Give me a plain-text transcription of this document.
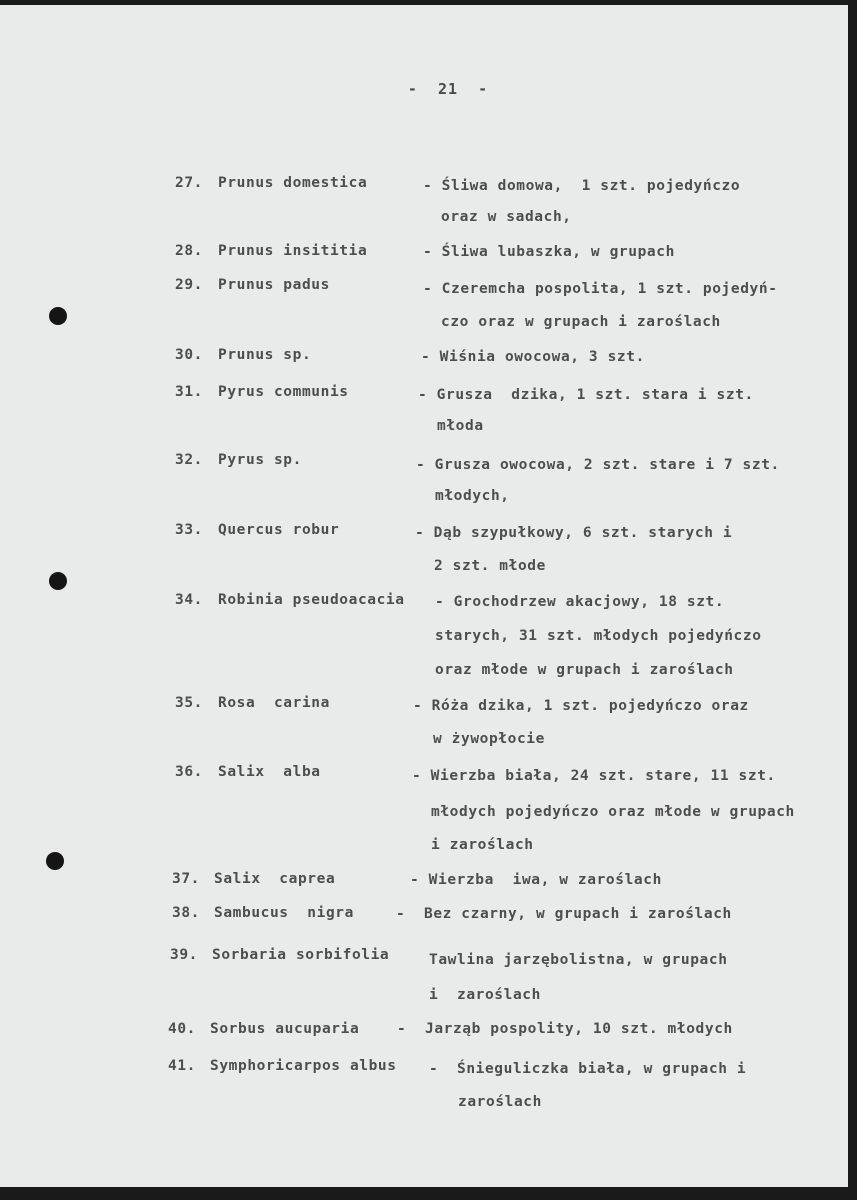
-  21  -
27. Prunus domestica	- Śliwa domowa,  1 szt. pojedyńczo
oraz w sadach,
28. Prunus insititia	- Śliwa lubaszka, w grupach
29. Prunus padus	- Czeremcha pospolita, 1 szt. pojedyń-
czo oraz w grupach i zaroślach
30. Prunus sp.	- Wiśnia owocowa, 3 szt.
31. Pyrus communis	- Grusza  dzika, 1 szt. stara i szt.
młoda
32. Pyrus sp.	- Grusza owocowa, 2 szt. stare i 7 szt.
młodych,
33. Quercus robur	- Dąb szypułkowy, 6 szt. starych i
2 szt. młode
34. Robinia pseudoacacia - Grochodrzew akacjowy, 18 szt.
starych, 31 szt. młodych pojedyńczo
oraz młode w grupach i zaroślach
35. Rosa  carina	- Róża dzika, 1 szt. pojedyńczo oraz
w żywopłocie
36. Salix  alba	- Wierzba biała, 24 szt. stare, 11 szt.
młodych pojedyńczo oraz młode w grupach
i zaroślach
37. Salix  caprea	- Wierzba  iwa, w zaroślach
38. Sambucus  nigra	-  Bez czarny, w grupach i zaroślach
39. Sorbaria sorbifolia	Tawlina jarzębolistna, w grupach
i  zaroślach
40. Sorbus aucuparia	-  Jarząb pospolity, 10 szt. młodych
41. Symphoricarpos albus -  Śnieguliczka biała, w grupach i
zaroślach
